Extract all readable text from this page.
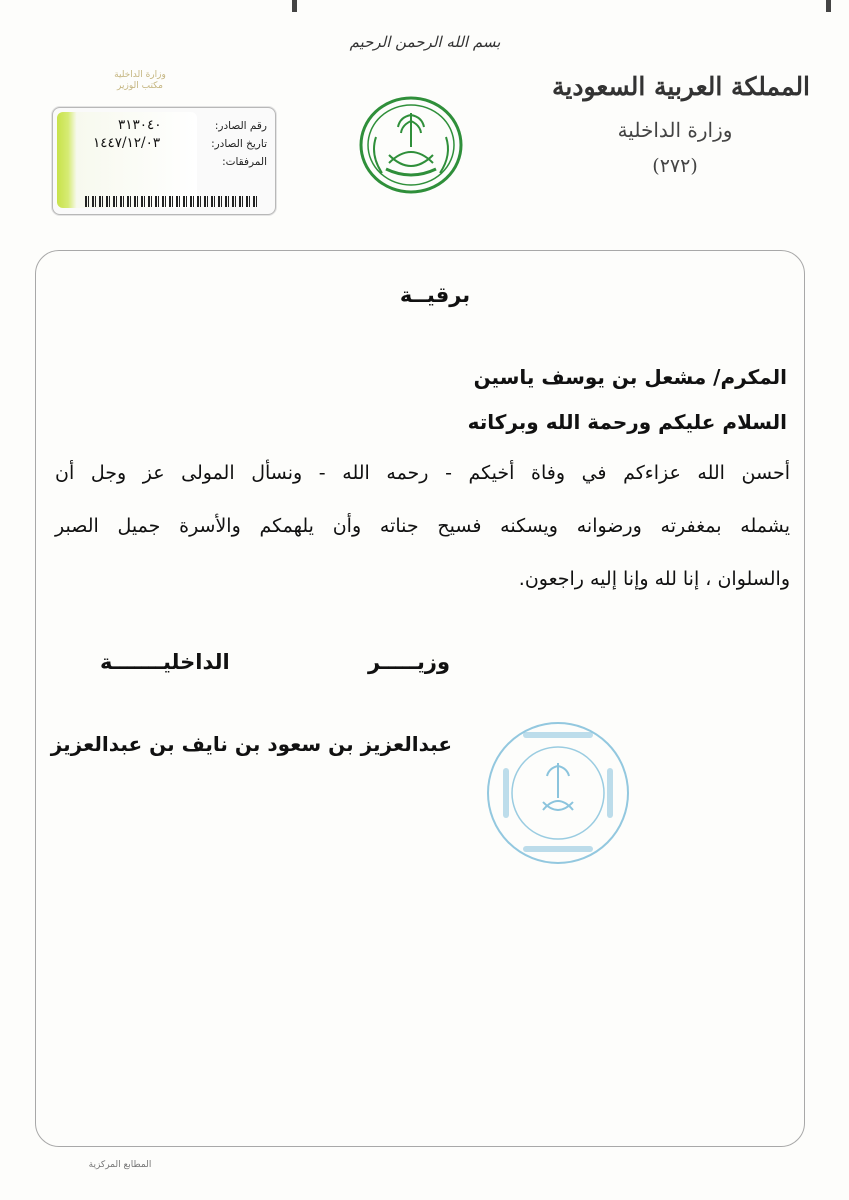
بسم الله الرحمن الرحيم
المملكة العربية السعودية
وزارة الداخلية
(٢٧٢)
وزارة الداخلية
مكتب الوزير
رقم الصادر:
تاريخ الصادر:
المرفقات:
٣١٣٠٤٠
١٤٤٧/١٢/٠٣
برقيــة
المكرم/ مشعل بن يوسف ياسين
السلام عليكم ورحمة الله وبركاته
أحسن الله عزاءكم في وفاة أخيكم - رحمه الله - ونسأل المولى عز وجل أن
يشمله بمغفرته ورضوانه ويسكنه فسيح جناته وأن يلهمكم والأسرة جميل الصبر
والسلوان ، إنا لله وإنا إليه راجعون.
وزيـــــر الداخليـــــــة
عبدالعزيز بن سعود بن نايف بن عبدالعزيز
المطابع المركزية
